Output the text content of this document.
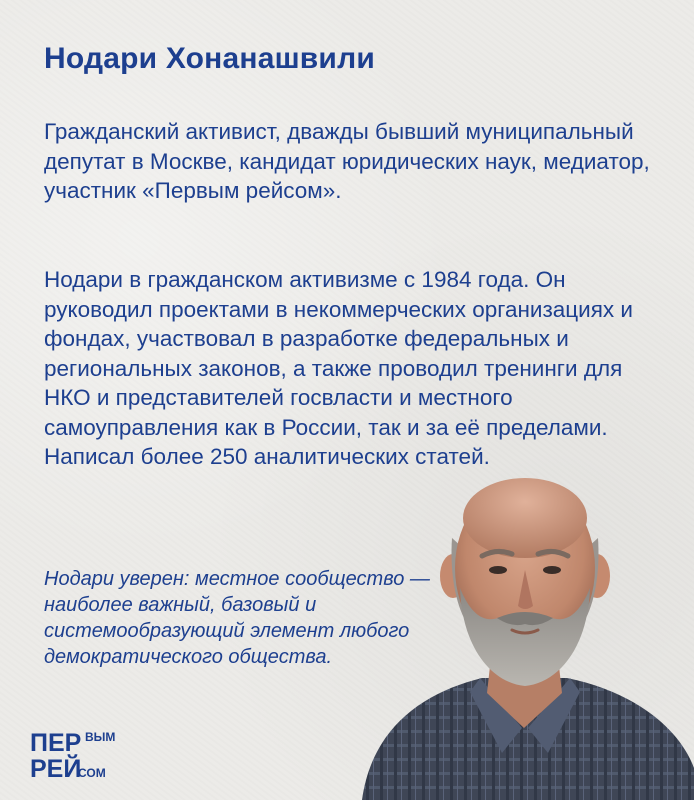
Нодари Хонанашвили
Гражданский активист, дважды бывший муниципальный депутат в Москве, кандидат юридических наук, медиатор, участник «Первым рейсом».
Нодари в гражданском активизме с 1984 года. Он руководил проектами в некоммерческих организациях и фондах, участвовал в разработке федеральных и региональных законов, а также проводил тренинги для НКО и представителей госвласти и местного самоуправления как в России, так и за её пределами. Написал более 250 аналитических статей.
Нодари уверен: местное сообщество — наиболее важный, базовый и системообразующий элемент любого демократического общества.
ПЕР ВЫМ
РЕЙ
СОМ
